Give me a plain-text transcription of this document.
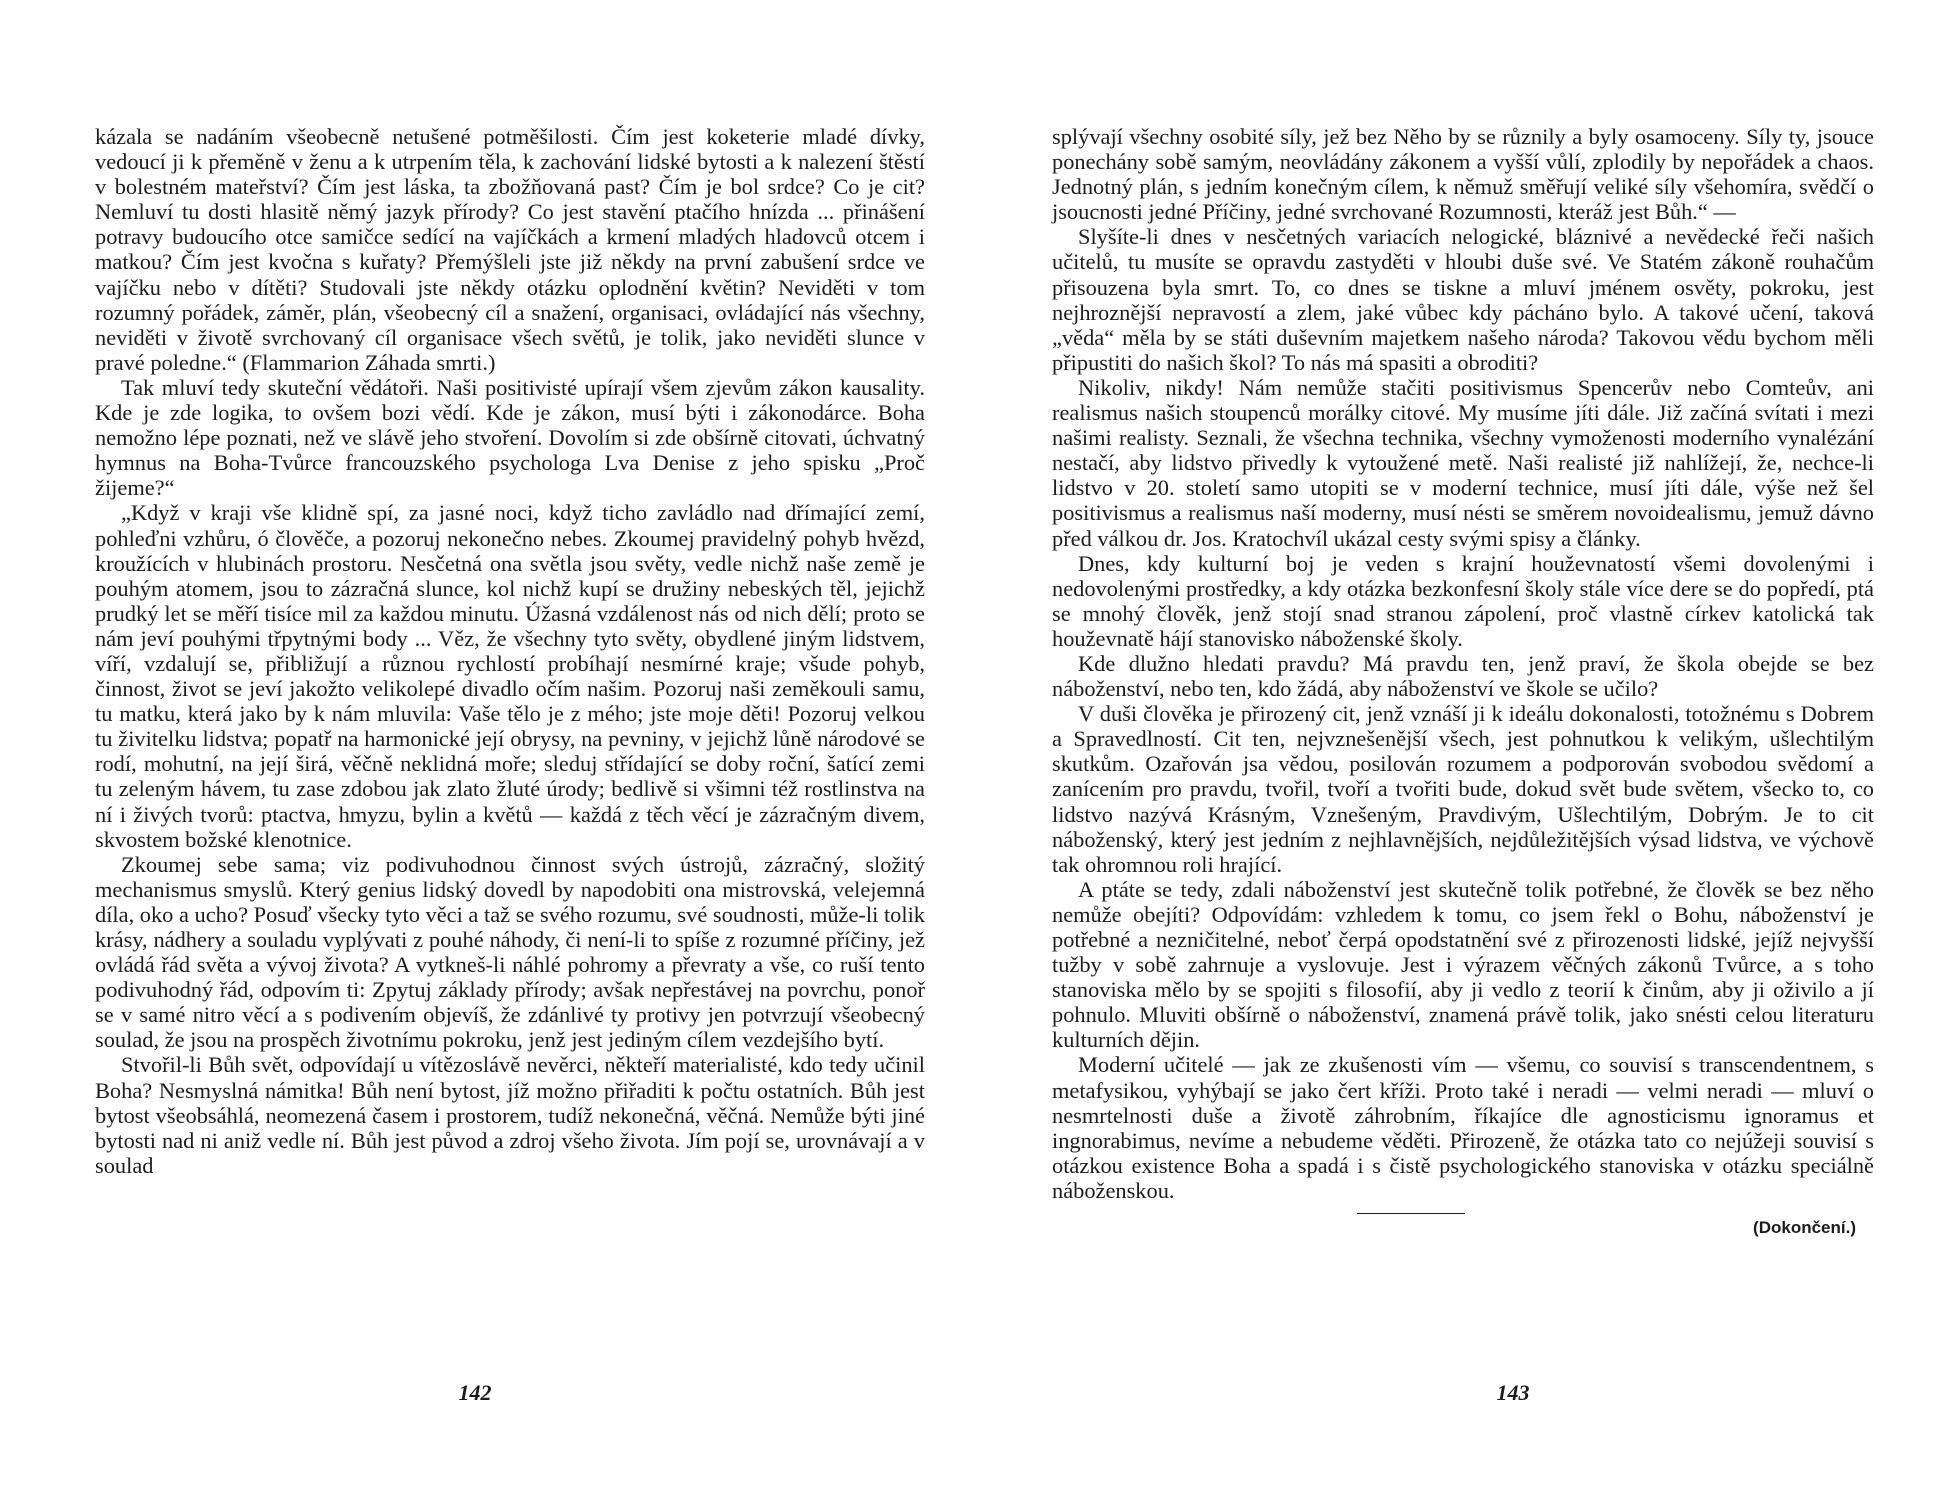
kázala se nadáním všeobecně netušené potměšilosti. Čím jest koketerie mladé dívky, vedoucí ji k přeměně v ženu a k utrpením těla, k zachování lidské bytosti a k nalezení štěstí v bolestném mateřství? Čím jest láska, ta zbožňovaná past? Čím je bol srdce? Co je cit? Nemluví tu dosti hlasitě němý jazyk přírody? Co jest stavění ptačího hnízda ... přinášení potravy budoucího otce samičce sedící na vajíčkách a krmení mladých hladovců otcem i matkou? Čím jest kvočna s kuřaty? Přemýšleli jste již někdy na první zabušení srdce ve vajíčku nebo v dítěti? Studovali jste někdy otázku oplodnění květin? Neviděti v tom rozumný pořádek, záměr, plán, všeobecný cíl a snažení, organisaci, ovládající nás všechny, neviděti v životě svrchovaný cíl organisace všech světů, je tolik, jako neviděti slunce v pravé poledne.“ (Flammarion Záhada smrti.)

Tak mluví tedy skuteční vědátoři. Naši positivisté upírají všem zjevům zákon kausality. Kde je zde logika, to ovšem bozi vědí. Kde je zákon, musí býti i zákonodárce. Boha nemožno lépe poznati, než ve slávě jeho stvoření. Dovolím si zde obšírně citovati, úchvatný hymnus na Boha-Tvůrce francouzského psychologa Lva Denise z jeho spisku „Proč žijeme?“

„Když v kraji vše klidně spí, za jasné noci, když ticho zavládlo nad dřímající zemí, pohleďni vzhůru, ó člověče, a pozoruj nekonečno nebes. Zkoumej pravidelný pohyb hvězd, kroužících v hlubinách prostoru. Nesčetná ona světla jsou světy, vedle nichž naše země je pouhým atomem, jsou to zázračná slunce, kol nichž kupí se družiny nebeských těl, jejichž prudký let se měří tisíce mil za každou minutu. Úžasná vzdálenost nás od nich dělí; proto se nám jeví pouhými třpytnými body ... Věz, že všechny tyto světy, obydlené jiným lidstvem, víří, vzdalují se, přibližují a různou rychlostí probíhají nesmírné kraje; všude pohyb, činnost, život se jeví jakožto velikolepé divadlo očím našim. Pozoruj naši zeměkouli samu, tu matku, která jako by k nám mluvila: Vaše tělo je z mého; jste moje děti! Pozoruj velkou tu živitelku lidstva; popatř na harmonické její obrysy, na pevniny, v jejichž lůně národové se rodí, mohutní, na její širá, věčně neklidná moře; sleduj střídající se doby roční, šatící zemi tu zeleným hávem, tu zase zdobou jak zlato žluté úrody; bedlivě si všimni též rostlinstva na ní i živých tvorů: ptactva, hmyzu, bylin a květů — každá z těch věcí je zázračným divem, skvostem božské klenotnice.

Zkoumej sebe sama; viz podivuhodnou činnost svých ústrojů, zázračný, složitý mechanismus smyslů. Který genius lidský dovedl by napodobiti ona mistrovská, velejemná díla, oko a ucho? Posuď všecky tyto věci a taž se svého rozumu, své soudnosti, může-li tolik krásy, nádhery a souladu vyplývati z pouhé náhody, či není-li to spíše z rozumné příčiny, jež ovládá řád světa a vývoj života? A vytkneš-li náhlé pohromy a převraty a vše, co ruší tento podivuhodný řád, odpovím ti: Zpytuj základy přírody; avšak nepřestávej na povrchu, ponoř se v samé nitro věcí a s podivením objevíš, že zdánlivé ty protivy jen potvrzují všeobecný soulad, že jsou na prospěch životnímu pokroku, jenž jest jediným cílem vezdejšího bytí.

Stvořil-li Bůh svět, odpovídají u vítězoslávě nevěrci, někteří materialisté, kdo tedy učinil Boha? Nesmyslná námitka! Bůh není bytost, jíž možno přiřaditi k počtu ostatních. Bůh jest bytost všeobsáhlá, neomezená časem i prostorem, tudíž nekonečná, věčná. Nemůže býti jiné bytosti nad ni aniž vedle ní. Bůh jest původ a zdroj všeho života. Jím pojí se, urovnávají a v soulad

142

splývají všechny osobité síly, jež bez Něho by se různily a byly osamoceny. Síly ty, jsouce ponechány sobě samým, neovládány zákonem a vyšší vůlí, zplodily by nepořádek a chaos. Jednotný plán, s jedním konečným cílem, k němuž směřují veliké síly všehomíra, svědčí o jsoucnosti jedné Příčiny, jedné svrchované Rozumnosti, kteráž jest Bůh.“ —

Slyšíte-li dnes v nesčetných variacích nelogické, bláznivé a nevědecké řeči našich učitelů, tu musíte se opravdu zastyděti v hloubi duše své. Ve Statém zákoně rouhačům přisouzena byla smrt. To, co dnes se tiskne a mluví jménem osvěty, pokroku, jest nejhroznější nepravostí a zlem, jaké vůbec kdy pácháno bylo. A takové učení, taková „věda“ měla by se státi duševním majetkem našeho národa? Takovou vědu bychom měli připustiti do našich škol? To nás má spasiti a obroditi?

Nikoliv, nikdy! Nám nemůže stačiti positivismus Spencerův nebo Comteův, ani realismus našich stoupenců morálky citové. My musíme jíti dále. Již začíná svítati i mezi našimi realisty. Seznali, že všechna technika, všechny vymoženosti moderního vynalézání nestačí, aby lidstvo přivedly k vytoužené metě. Naši realisté již nahlížejí, že, nechce-li lidstvo v 20. století samo utopiti se v moderní technice, musí jíti dále, výše než šel positivismus a realismus naší moderny, musí nésti se směrem novoidealismu, jemuž dávno před válkou dr. Jos. Kratochvíl ukázal cesty svými spisy a články.

Dnes, kdy kulturní boj je veden s krajní houževnatostí všemi dovolenými i nedovolenými prostředky, a kdy otázka bezkonfesní školy stále více dere se do popředí, ptá se mnohý člověk, jenž stojí snad stranou zápolení, proč vlastně církev katolická tak houževnatě hájí stanovisko náboženské školy.

Kde dlužno hledati pravdu? Má pravdu ten, jenž praví, že škola obejde se bez náboženství, nebo ten, kdo žádá, aby náboženství ve škole se učilo?

V duši člověka je přirozený cit, jenž vznáší ji k ideálu dokonalosti, totožnému s Dobrem a Spravedlností. Cit ten, nejvznešenější všech, jest pohnutkou k velikým, ušlechtilým skutkům. Ozařován jsa vědou, posilován rozumem a podporován svobodou svědomí a zanícením pro pravdu, tvořil, tvoří a tvořiti bude, dokud svět bude světem, všecko to, co lidstvo nazývá Krásným, Vznešeným, Pravdivým, Ušlechtilým, Dobrým. Je to cit náboženský, který jest jedním z nejhlavnějších, nejdůležitějších výsad lidstva, ve výchově tak ohromnou roli hrající.

A ptáte se tedy, zdali náboženství jest skutečně tolik potřebné, že člověk se bez něho nemůže obejíti? Odpovídám: vzhledem k tomu, co jsem řekl o Bohu, náboženství je potřebné a nezničitelné, neboť čerpá opodstatnění své z přirozenosti lidské, jejíž nejvyšší tužby v sobě zahrnuje a vyslovuje. Jest i výrazem věčných zákonů Tvůrce, a s toho stanoviska mělo by se spojiti s filosofií, aby ji vedlo z teorií k činům, aby ji oživilo a jí pohnulo. Mluviti obšírně o náboženství, znamená právě tolik, jako snésti celou literaturu kulturních dějin.

Moderní učitelé — jak ze zkušenosti vím — všemu, co souvisí s transcendentnem, s metafysikou, vyhýbají se jako čert kříži. Proto také i neradi — velmi neradi — mluví o nesmrtelnosti duše a životě záhrobním, říkajíce dle agnosticismu ignoramus et ingnorabimus, nevíme a nebudeme věděti. Přirozeně, že otázka tato co nejúžeji souvisí s otázkou existence Boha a spadá i s čistě psychologického stanoviska v otázku speciálně náboženskou.

(Dokončení.)
143
